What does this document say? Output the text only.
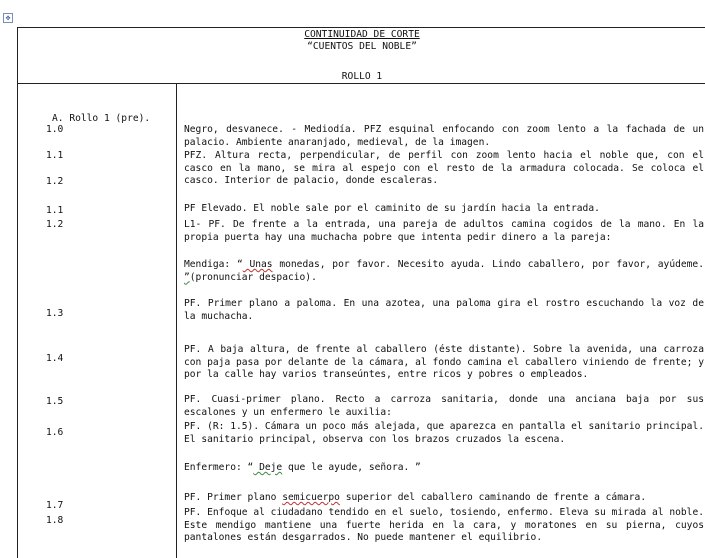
✥
CONTINUIDAD DE CORTE
“CUENTOS DEL NOBLE”
ROLLO 1
A. Rollo 1 (pre).
1.0
1.1
1.2
1.1
1.2
1.3
1.4
1.5
1.6
1.7
1.8
Negro, desvanece. - Mediodía. PFZ esquinal enfocando con zoom lento a la fachada de un palacio. Ambiente anaranjado, medieval, de la imagen.
PFZ. Altura recta, perpendicular, de perfil con zoom lento hacia el noble que, con el casco en la mano, se mira al espejo con el resto de la armadura colocada. Se coloca el casco. Interior de palacio, donde escaleras.
PF Elevado. El noble sale por el caminito de su jardín hacia la entrada.
L1- PF. De frente a la entrada, una pareja de adultos camina cogidos de la mano. En la propia puerta hay una muchacha pobre que intenta pedir dinero a la pareja:
Mendiga: “ Unas monedas, por favor. Necesito ayuda. Lindo caballero, por favor, ayúdeme. ”(pronunciar despacio).
PF. Primer plano a paloma. En una azotea, una paloma gira el rostro escuchando la voz de la muchacha.
PF. A baja altura, de frente al caballero (éste distante). Sobre la avenida, una carroza con paja pasa por delante de la cámara, al fondo camina el caballero viniendo de frente; y por la calle hay varios transeúntes, entre ricos y pobres o empleados.
PF. Cuasi-primer plano. Recto a carroza sanitaria, donde una anciana baja por sus escalones y un enfermero le auxilia:
PF. (R: 1.5). Cámara un poco más alejada, que aparezca en pantalla el sanitario principal. El sanitario principal, observa con los brazos cruzados la escena.
Enfermero: “ Deje que le ayude, señora. ”
PF. Primer plano semicuerpo superior del caballero caminando de frente a cámara.
PF. Enfoque al ciudadano tendido en el suelo, tosiendo, enfermo. Eleva su mirada al noble. Este mendigo mantiene una fuerte herida en la cara, y moratones en su pierna, cuyos pantalones están desgarrados. No puede mantener el equilibrio.
